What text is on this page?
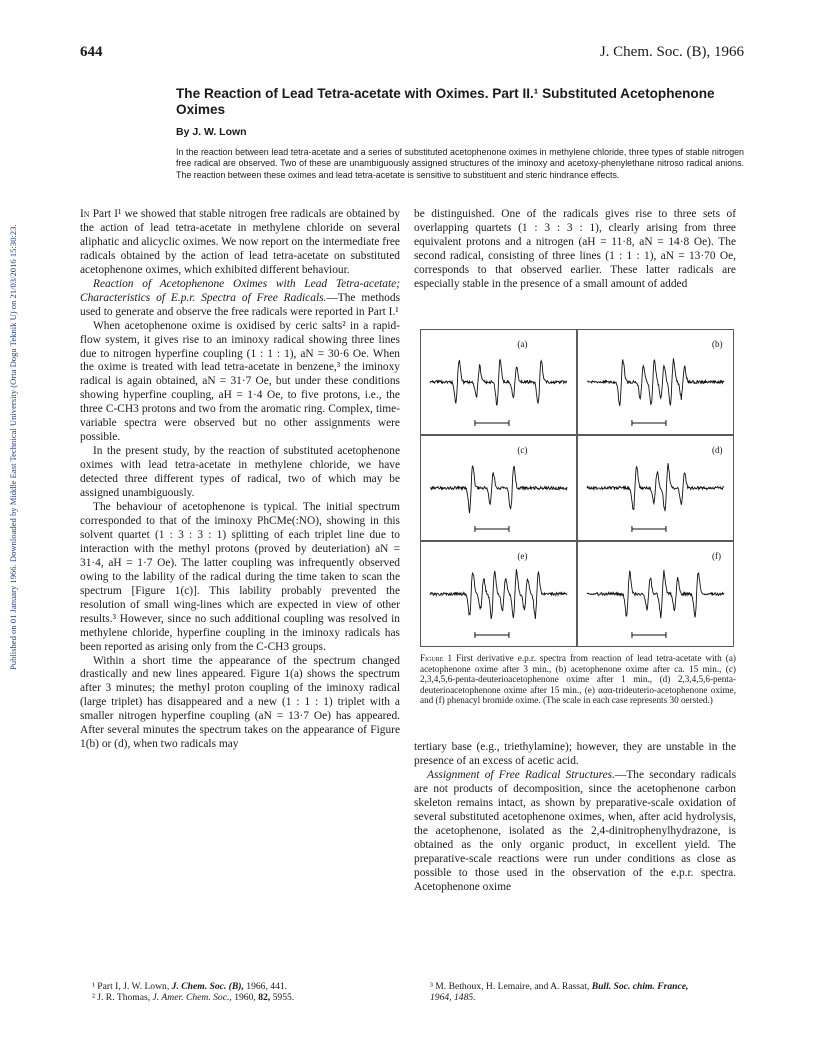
Published on 01 January 1966. Downloaded by Middle East Technical University (Orta Dogu Teknik U) on 21/03/2016 15:30:23.
644	J. Chem. Soc. (B), 1966
The Reaction of Lead Tetra-acetate with Oximes. Part II.¹ Substituted Acetophenone Oximes
By J. W. Lown
In the reaction between lead tetra-acetate and a series of substituted acetophenone oximes in methylene chloride, three types of stable nitrogen free radical are observed. Two of these are unambiguously assigned structures of the iminoxy and acetoxy-phenylethane nitroso radical anions. The reaction between these oximes and lead tetra-acetate is sensitive to substituent and steric hindrance effects.

In Part I¹ we showed that stable nitrogen free radicals are obtained by the action of lead tetra-acetate in methylene chloride on several aliphatic and alicyclic oximes. We now report on the intermediate free radicals obtained by the action of lead tetra-acetate on substituted acetophenone oximes, which exhibited different behaviour.

Reaction of Acetophenone Oximes with Lead Tetra-acetate; Characteristics of E.p.r. Spectra of Free Radicals.—The methods used to generate and observe the free radicals were reported in Part I.¹

When acetophenone oxime is oxidised by ceric salts² in a rapid-flow system, it gives rise to an iminoxy radical showing three lines due to nitrogen hyperfine coupling (1 : 1 : 1), aN = 30·6 Oe. When the oxime is treated with lead tetra-acetate in benzene,³ the iminoxy radical is again obtained, aN = 31·7 Oe, but under these conditions showing hyperfine coupling, aH = 1·4 Oe, to five protons, i.e., the three C-CH3 protons and two from the aromatic ring. Complex, time-variable spectra were observed but no other assignments were possible.

In the present study, by the reaction of substituted acetophenone oximes with lead tetra-acetate in methylene chloride, we have detected three different types of radical, two of which may be assigned unambiguously.

The behaviour of acetophenone is typical. The initial spectrum corresponded to that of the iminoxy PhCMe(:NO), showing in this solvent quartet (1 : 3 : 3 : 1) splitting of each triplet line due to interaction with the methyl protons (proved by deuteriation) aN = 31·4, aH = 1·7 Oe). The latter coupling was infrequently observed owing to the lability of the radical during the time taken to scan the spectrum [Figure 1(c)]. This lability probably prevented the resolution of small wing-lines which are expected in view of other results.³ However, since no such additional coupling was resolved in methylene chloride, hyperfine coupling in the iminoxy radicals has been reported as arising only from the C-CH3 groups.

Within a short time the appearance of the spectrum changed drastically and new lines appeared. Figure 1(a) shows the spectrum after 3 minutes; the methyl proton coupling of the iminoxy radical (large triplet) has disappeared and a new (1 : 1 : 1) triplet with a smaller nitrogen hyperfine coupling (aN = 13·7 Oe) has appeared. After several minutes the spectrum takes on the appearance of Figure 1(b) or (d), when two radicals may

be distinguished. One of the radicals gives rise to three sets of overlapping quartets (1 : 3 : 3 : 1), clearly arising from three equivalent protons and a nitrogen (aH = 11·8, aN = 14·8 Oe). The second radical, consisting of three lines (1 : 1 : 1), aN = 13·70 Oe, corresponds to that observed earlier. These latter radicals are especially stable in the presence of a small amount of added

(a)	(b)
(c)	(d)
(e)	(f)
Figure 1 First derivative e.p.r. spectra from reaction of lead tetra-acetate with (a) acetophenone oxime after 3 min., (b) acetophenone oxime after ca. 15 min., (c) 2,3,4,5,6-penta-deuterioacetophenone oxime after 1 min., (d) 2,3,4,5,6-penta-deuterioacetophenone oxime after 15 min., (e) ααα-trideuterio-acetophenone oxime, and (f) phenacyl bromide oxime. (The scale in each case represents 30 oersted.)

tertiary base (e.g., triethylamine); however, they are unstable in the presence of an excess of acetic acid.

Assignment of Free Radical Structures.—The secondary radicals are not products of decomposition, since the acetophenone carbon skeleton remains intact, as shown by preparative-scale oxidation of several substituted acetophenone oximes, when, after acid hydrolysis, the acetophenone, isolated as the 2,4-dinitrophenylhydrazone, is obtained as the only organic product, in excellent yield. The preparative-scale reactions were run under conditions as close as possible to those used in the observation of the e.p.r. spectra. Acetophenone oxime

¹ Part I, J. W. Lown, J. Chem. Soc. (B), 1966, 441.
² J. R. Thomas, J. Amer. Chem. Soc., 1960, 82, 5955.
³ M. Bethoux, H. Lemaire, and A. Rassat, Bull. Soc. chim. France,
1964, 1485.
